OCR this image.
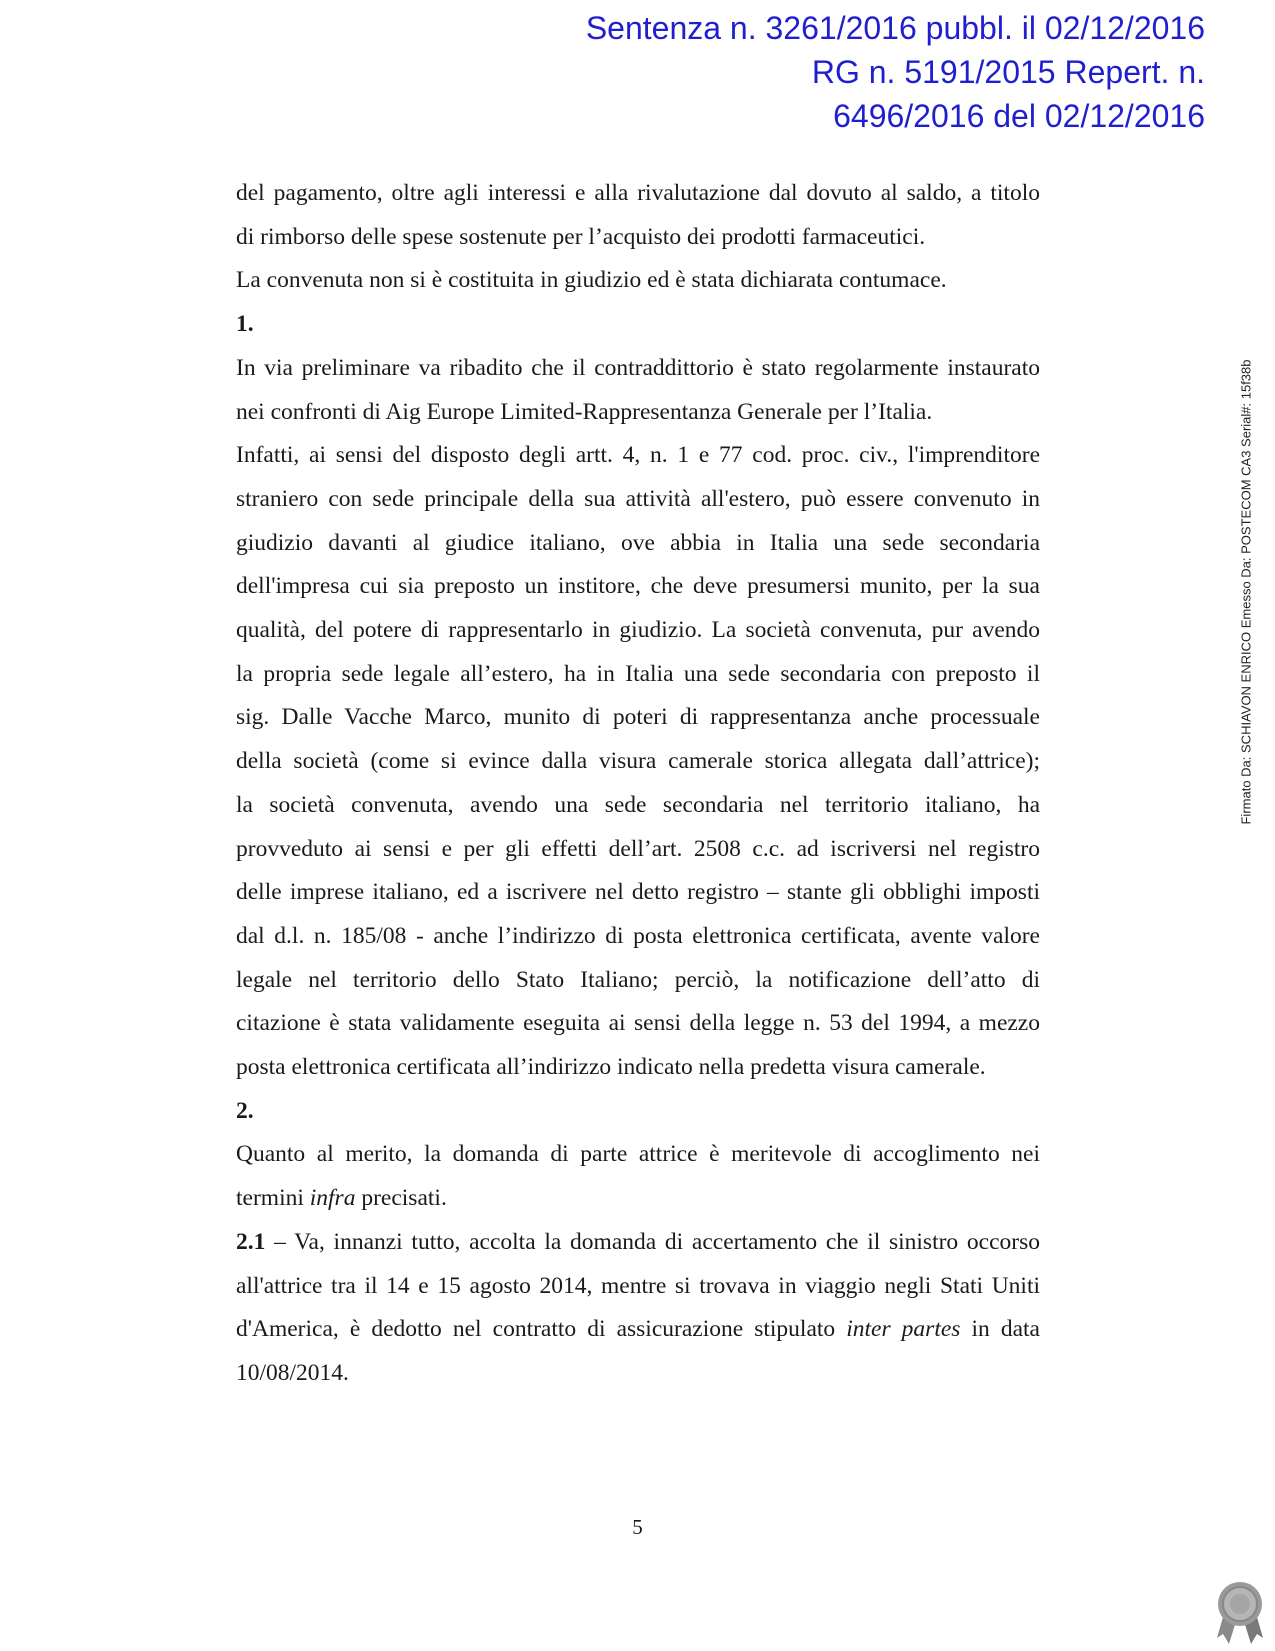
Sentenza n. 3261/2016 pubbl. il 02/12/2016
RG n. 5191/2015 Repert. n.
6496/2016 del 02/12/2016
Firmato Da: SCHIAVON ENRICO Emesso Da: POSTECOM CA3 Serial#: 15f38b

del pagamento, oltre agli interessi e alla rivalutazione dal dovuto al saldo, a titolo

di rimborso delle spese sostenute per l’acquisto dei prodotti farmaceutici.

La convenuta non si è costituita in giudizio ed è stata dichiarata contumace.

1.

In via preliminare va ribadito che il contraddittorio è stato regolarmente instaurato

nei confronti di Aig Europe Limited-Rappresentanza Generale per l’Italia.

Infatti, ai sensi del disposto degli artt. 4, n. 1 e 77 cod. proc. civ., l'imprenditore

straniero con sede principale della sua attività all'estero, può essere convenuto in

giudizio davanti al giudice italiano, ove abbia in Italia una sede secondaria

dell'impresa cui sia preposto un institore, che deve presumersi munito, per la sua

qualità, del potere di rappresentarlo in giudizio. La società convenuta, pur avendo

la propria sede legale all’estero, ha in Italia una sede secondaria con preposto il

sig. Dalle Vacche Marco, munito di poteri di rappresentanza anche processuale

della società (come si evince dalla visura camerale storica allegata dall’attrice);

la società convenuta, avendo una sede secondaria nel territorio italiano, ha

provveduto ai sensi e per gli effetti dell’art. 2508 c.c. ad iscriversi nel registro

delle imprese italiano, ed a iscrivere nel detto registro – stante gli obblighi imposti

dal d.l. n. 185/08 - anche l’indirizzo di posta elettronica certificata, avente valore

legale nel territorio dello Stato Italiano; perciò, la notificazione dell’atto di

citazione è stata validamente eseguita ai sensi della legge n. 53 del 1994, a mezzo

posta elettronica certificata all’indirizzo indicato nella predetta visura camerale.

2.

Quanto al merito, la domanda di parte attrice è meritevole di accoglimento nei

termini infra precisati.

2.1 – Va, innanzi tutto, accolta la domanda di accertamento che il sinistro occorso

all'attrice tra il 14 e 15 agosto 2014, mentre si trovava in viaggio negli Stati Uniti

d'America, è dedotto nel contratto di assicurazione stipulato inter partes in data

10/08/2014.

5
